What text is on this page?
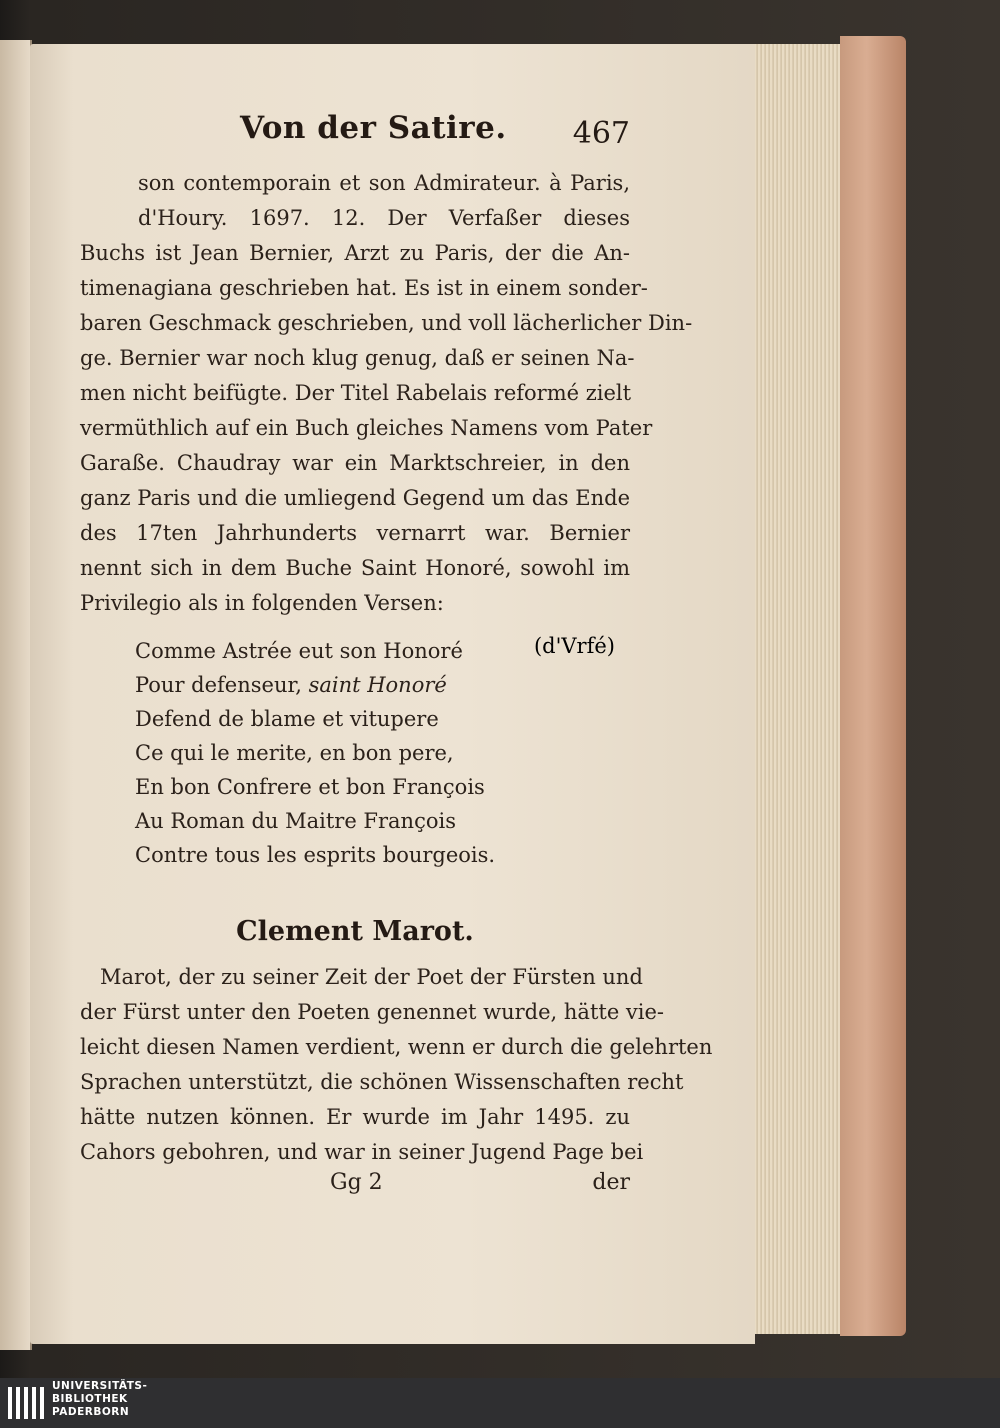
Von der Satire. 467
son contemporain et son Admirateur. à Paris,
d'Houry. 1697. 12. Der Verfaßer dieses
Buchs ist Jean Bernier, Arzt zu Paris, der die An-
timenagiana geschrieben hat. Es ist in einem sonder-
baren Geschmack geschrieben, und voll lächerlicher Din-
ge. Bernier war noch klug genug, daß er seinen Na-
men nicht beifügte. Der Titel Rabelais reformé zielt
vermüthlich auf ein Buch gleiches Namens vom Pater
Garaße. Chaudray war ein Marktschreier, in den
ganz Paris und die umliegend Gegend um das Ende
des 17ten Jahrhunderts vernarrt war. Bernier
nennt sich in dem Buche Saint Honoré, sowohl im
Privilegio als in folgenden Versen:
(d'Vrfé)
Comme Astrée eut son Honoré
Pour defenseur, saint Honoré
Defend de blame et vitupere
Ce qui le merite, en bon pere,
En bon Confrere et bon François
Au Roman du Maitre François
Contre tous les esprits bourgeois.
Clement Marot.
Marot, der zu seiner Zeit der Poet der Fürsten und
der Fürst unter den Poeten genennet wurde, hätte vie-
leicht diesen Namen verdient, wenn er durch die gelehrten
Sprachen unterstützt, die schönen Wissenschaften recht
hätte nutzen können. Er wurde im Jahr 1495. zu
Cahors gebohren, und war in seiner Jugend Page bei
Gg 2	der
UNIVERSITÄTS-
BIBLIOTHEK
PADERBORN
